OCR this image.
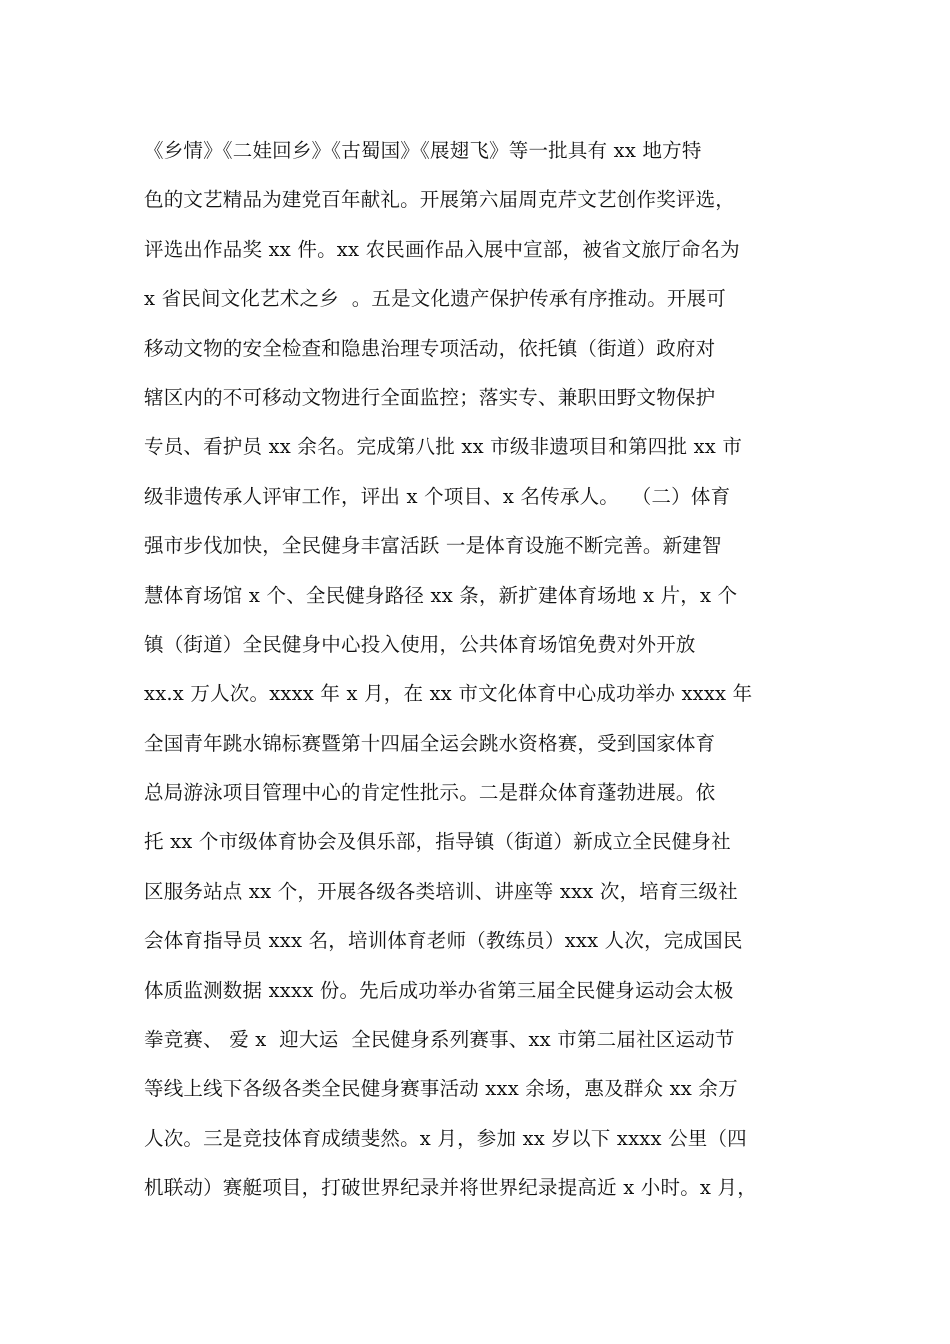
《乡情》《二娃回乡》《古蜀国》《展翅飞》等一批具有 xx 地方特
色的文艺精品为建党百年献礼。开展第六届周克芹文艺创作奖评选，
评选出作品奖 xx 件。xx 农民画作品入展中宣部，被省文旅厅命名为
x 省民间文化艺术之乡  。五是文化遗产保护传承有序推动。开展可
移动文物的安全检查和隐患治理专项活动，依托镇（街道）政府对
辖区内的不可移动文物进行全面监控；落实专、兼职田野文物保护
专员、看护员 xx 余名。完成第八批 xx 市级非遗项目和第四批 xx 市
级非遗传承人评审工作，评出 x 个项目、x 名传承人。  （二）体育
强市步伐加快，全民健身丰富活跃 一是体育设施不断完善。新建智
慧体育场馆 x 个、全民健身路径 xx 条，新扩建体育场地 x 片，x 个
镇（街道）全民健身中心投入使用，公共体育场馆免费对外开放
xx.x 万人次。xxxx 年 x 月，在 xx 市文化体育中心成功举办 xxxx 年
全国青年跳水锦标赛暨第十四届全运会跳水资格赛，受到国家体育
总局游泳项目管理中心的肯定性批示。二是群众体育蓬勃进展。依
托 xx 个市级体育协会及俱乐部，指导镇（街道）新成立全民健身社
区服务站点 xx 个，开展各级各类培训、讲座等 xxx 次，培育三级社
会体育指导员 xxx 名，培训体育老师（教练员）xxx 人次，完成国民
体质监测数据 xxxx 份。先后成功举办省第三届全民健身运动会太极
拳竞赛、 爱 x  迎大运  全民健身系列赛事、xx 市第二届社区运动节
等线上线下各级各类全民健身赛事活动 xxx 余场，惠及群众 xx 余万
人次。三是竞技体育成绩斐然。x 月，参加 xx 岁以下 xxxx 公里（四
机联动）赛艇项目，打破世界纪录并将世界纪录提高近 x 小时。x 月，
